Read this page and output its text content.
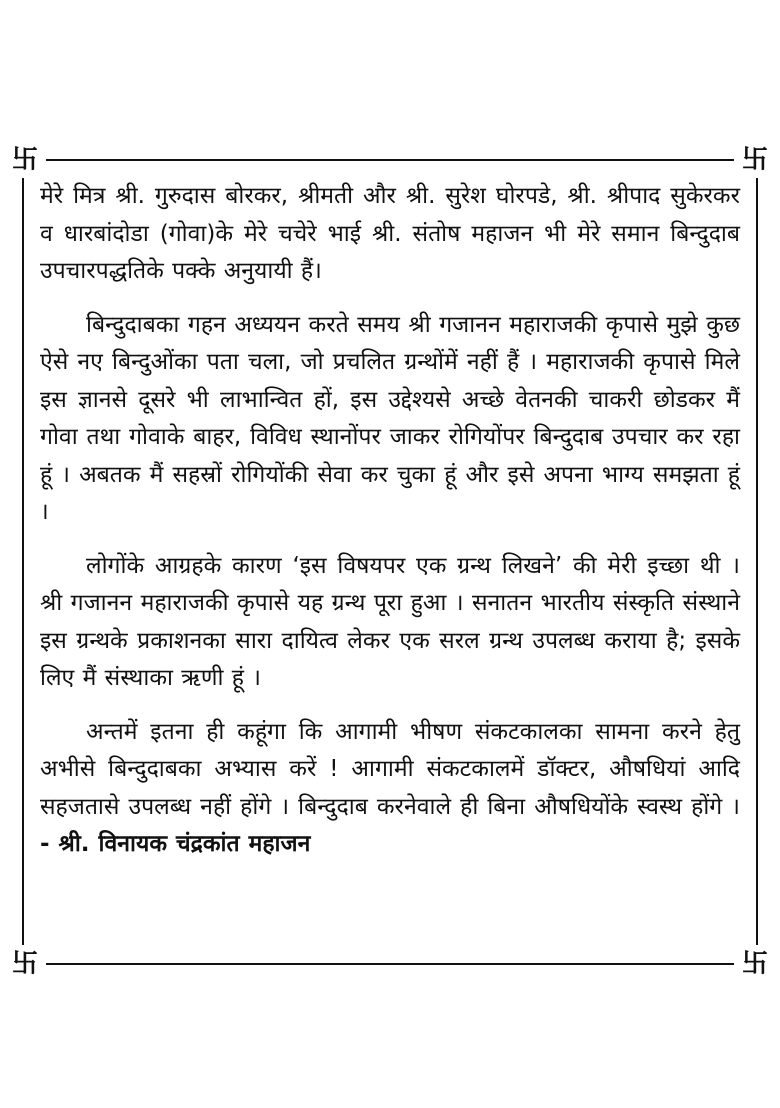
卐	卐
卐	卐

मेरे मित्र श्री. गुरुदास बोरकर, श्रीमती और श्री. सुरेश घोरपडे, श्री. श्रीपाद सुकेरकर व धारबांदोडा (गोवा)के मेरे चचेरे भाई श्री. संतोष महाजन भी मेरे समान बिन्दुदाब उपचारपद्धतिके पक्के अनुयायी हैं।

बिन्दुदाबका गहन अध्ययन करते समय श्री गजानन महाराजकी कृपासे मुझे कुछ ऐसे नए बिन्दुओंका पता चला, जो प्रचलित ग्रन्थोंमें नहीं हैं । महाराजकी कृपासे मिले इस ज्ञानसे दूसरे भी लाभान्वित हों, इस उद्देश्यसे अच्छे वेतनकी चाकरी छोडकर मैं गोवा तथा गोवाके बाहर, विविध स्थानोंपर जाकर रोगियोंपर बिन्दुदाब उपचार कर रहा हूं । अबतक मैं सहस्रों रोगियोंकी सेवा कर चुका हूं और इसे अपना भाग्य समझता हूं ।

लोगोंके आग्रहके कारण ‘इस विषयपर एक ग्रन्थ लिखने’ की मेरी इच्छा थी । श्री गजानन महाराजकी कृपासे यह ग्रन्थ पूरा हुआ । सनातन भारतीय संस्कृति संस्थाने इस ग्रन्थके प्रकाशनका सारा दायित्व लेकर एक सरल ग्रन्थ उपलब्ध कराया है; इसके लिए मैं संस्थाका ऋणी हूं ।

अन्तमें इतना ही कहूंगा कि आगामी भीषण संकटकालका सामना करने हेतु अभीसे बिन्दुदाबका अभ्यास करें ! आगामी संकटकालमें डॉक्टर, औषधियां आदि सहजतासे उपलब्ध नहीं होंगे । बिन्दुदाब करनेवाले ही बिना औषधियोंके स्वस्थ होंगे । - श्री. विनायक चंद्रकांत महाजन
